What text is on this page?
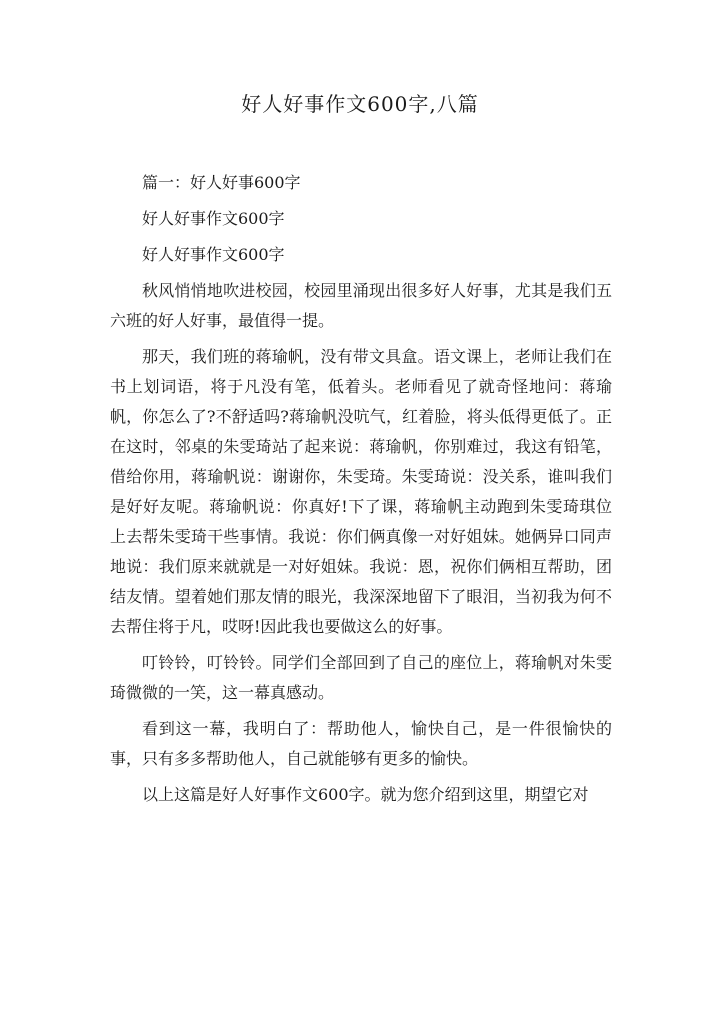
好人好事作文600字,八篇

篇一：好人好事600字

好人好事作文600字

好人好事作文600字

秋风悄悄地吹进校园，校园里涌现出很多好人好事，尤其是我们五六班的好人好事，最值得一提。

那天，我们班的蒋瑜帆，没有带文具盒。语文课上，老师让我们在书上划词语，将于凡没有笔，低着头。老师看见了就奇怪地问：蒋瑜帆，你怎么了?不舒适吗?蒋瑜帆没吭气，红着脸，将头低得更低了。正在这时，邻桌的朱雯琦站了起来说：蒋瑜帆，你别难过，我这有铅笔，借给你用，蒋瑜帆说：谢谢你，朱雯琦。朱雯琦说：没关系，谁叫我们是好好友呢。蒋瑜帆说：你真好!下了课，蒋瑜帆主动跑到朱雯琦琪位上去帮朱雯琦干些事情。我说：你们俩真像一对好姐妹。她俩异口同声地说：我们原来就就是一对好姐妹。我说：恩，祝你们俩相互帮助，团结友情。望着她们那友情的眼光，我深深地留下了眼泪，当初我为何不去帮住将于凡，哎呀!因此我也要做这么的好事。

叮铃铃，叮铃铃。同学们全部回到了自己的座位上，蒋瑜帆对朱雯琦微微的一笑，这一幕真感动。

看到这一幕，我明白了：帮助他人，愉快自己，是一件很愉快的事，只有多多帮助他人，自己就能够有更多的愉快。

以上这篇是好人好事作文600字。就为您介绍到这里，期望它对
